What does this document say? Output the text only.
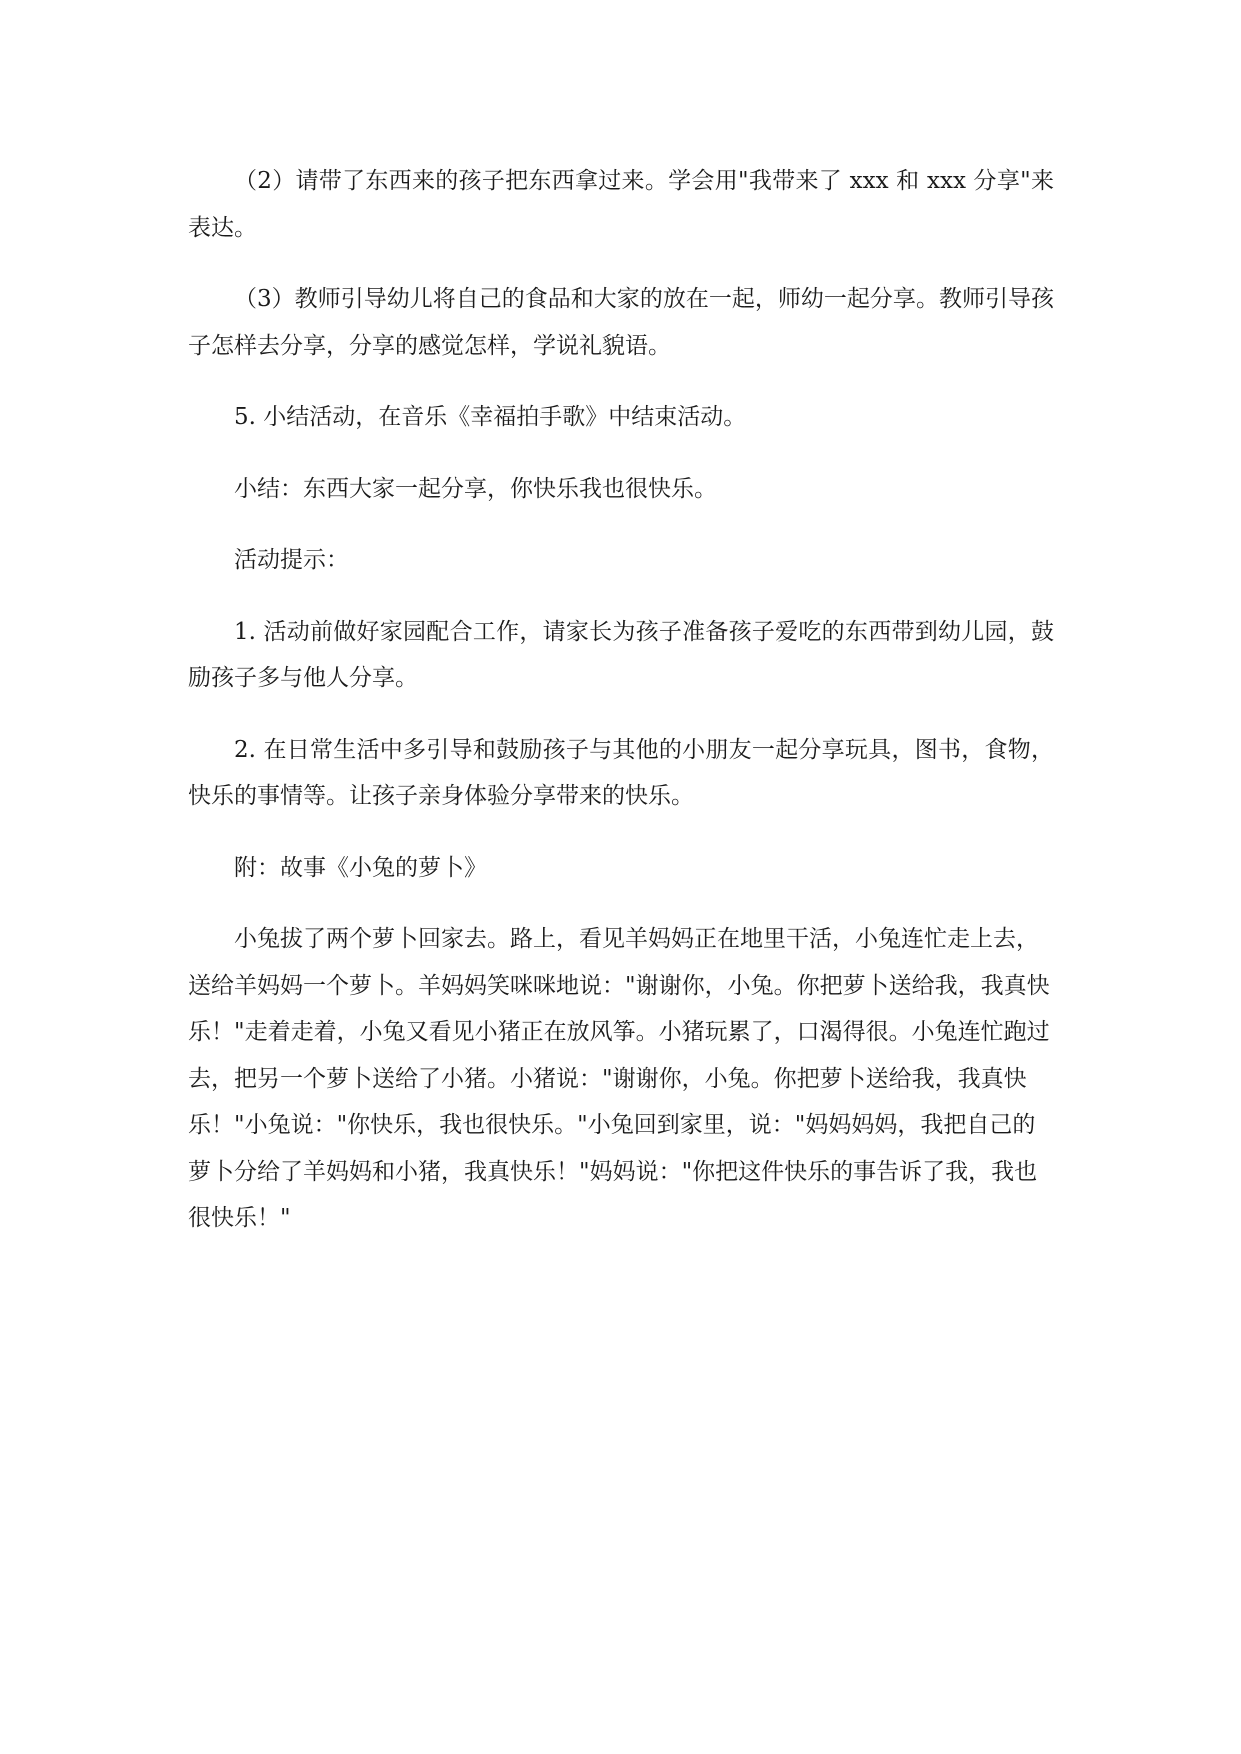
（2）请带了东西来的孩子把东西拿过来。学会用"我带来了 xxx 和 xxx 分享"来表达。

（3）教师引导幼儿将自己的食品和大家的放在一起，师幼一起分享。教师引导孩子怎样去分享，分享的感觉怎样，学说礼貌语。

5. 小结活动，在音乐《幸福拍手歌》中结束活动。

小结：东西大家一起分享，你快乐我也很快乐。

活动提示：

1. 活动前做好家园配合工作，请家长为孩子准备孩子爱吃的东西带到幼儿园，鼓励孩子多与他人分享。

2. 在日常生活中多引导和鼓励孩子与其他的小朋友一起分享玩具，图书，食物，快乐的事情等。让孩子亲身体验分享带来的快乐。

附：故事《小兔的萝卜》

小兔拔了两个萝卜回家去。路上，看见羊妈妈正在地里干活，小兔连忙走上去，送给羊妈妈一个萝卜。羊妈妈笑咪咪地说："谢谢你，小兔。你把萝卜送给我，我真快乐！"走着走着，小兔又看见小猪正在放风筝。小猪玩累了，口渴得很。小兔连忙跑过去，把另一个萝卜送给了小猪。小猪说："谢谢你，小兔。你把萝卜送给我，我真快乐！"小兔说："你快乐，我也很快乐。"小兔回到家里，说："妈妈妈妈，我把自己的萝卜分给了羊妈妈和小猪，我真快乐！"妈妈说："你把这件快乐的事告诉了我，我也很快乐！"
